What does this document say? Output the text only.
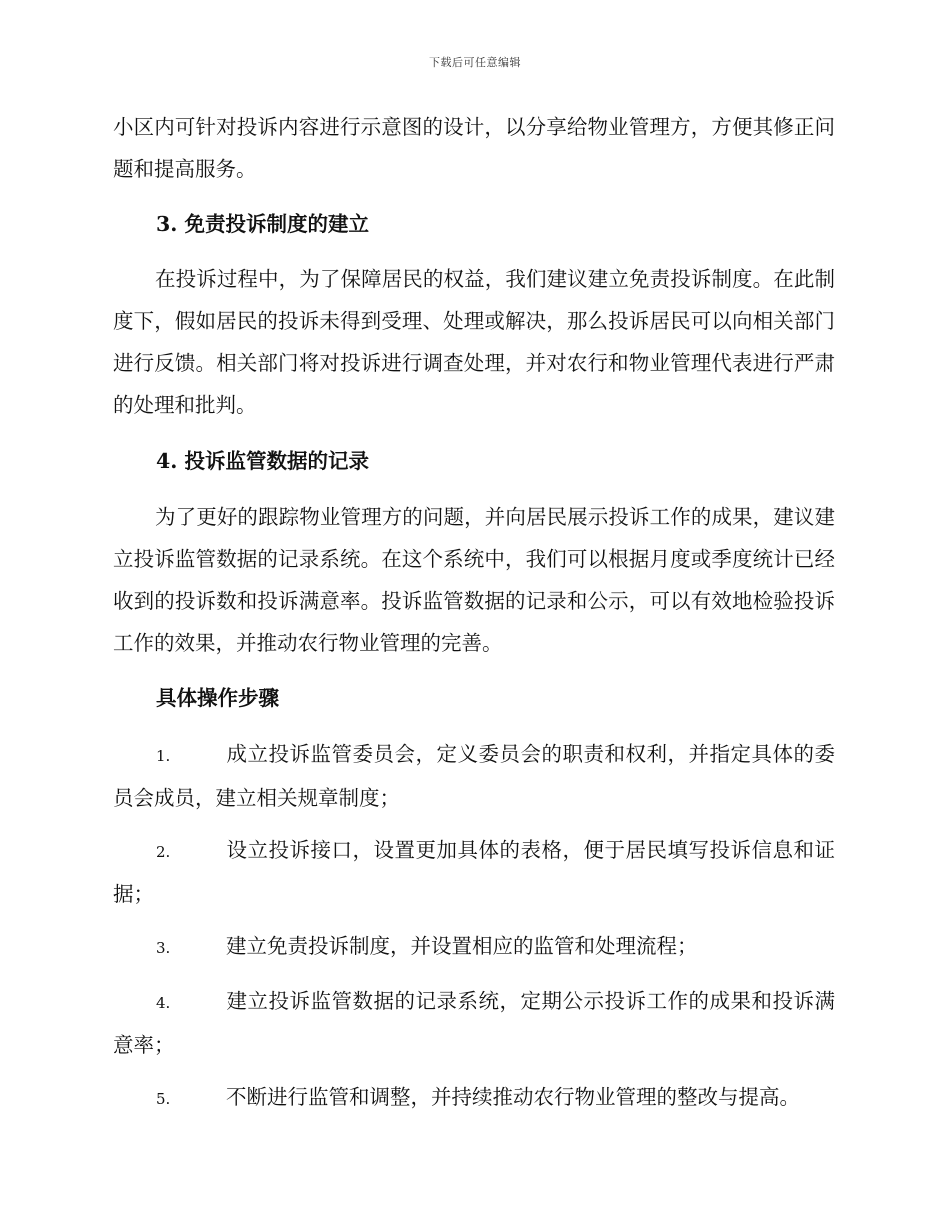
下载后可任意编辑

小区内可针对投诉内容进行示意图的设计，以分享给物业管理方，方便其修正问题和提高服务。

3. 免责投诉制度的建立

在投诉过程中，为了保障居民的权益，我们建议建立免责投诉制度。在此制度下，假如居民的投诉未得到受理、处理或解决，那么投诉居民可以向相关部门进行反馈。相关部门将对投诉进行调查处理，并对农行和物业管理代表进行严肃的处理和批判。

4. 投诉监管数据的记录

为了更好的跟踪物业管理方的问题，并向居民展示投诉工作的成果，建议建立投诉监管数据的记录系统。在这个系统中，我们可以根据月度或季度统计已经收到的投诉数和投诉满意率。投诉监管数据的记录和公示，可以有效地检验投诉工作的效果，并推动农行物业管理的完善。

具体操作步骤

1.	成立投诉监管委员会，定义委员会的职责和权利，并指定具体的委员会成员，建立相关规章制度；

2.	设立投诉接口，设置更加具体的表格，便于居民填写投诉信息和证据；

3.	建立免责投诉制度，并设置相应的监管和处理流程；

4.	建立投诉监管数据的记录系统，定期公示投诉工作的成果和投诉满意率；

5.	不断进行监管和调整，并持续推动农行物业管理的整改与提高。
